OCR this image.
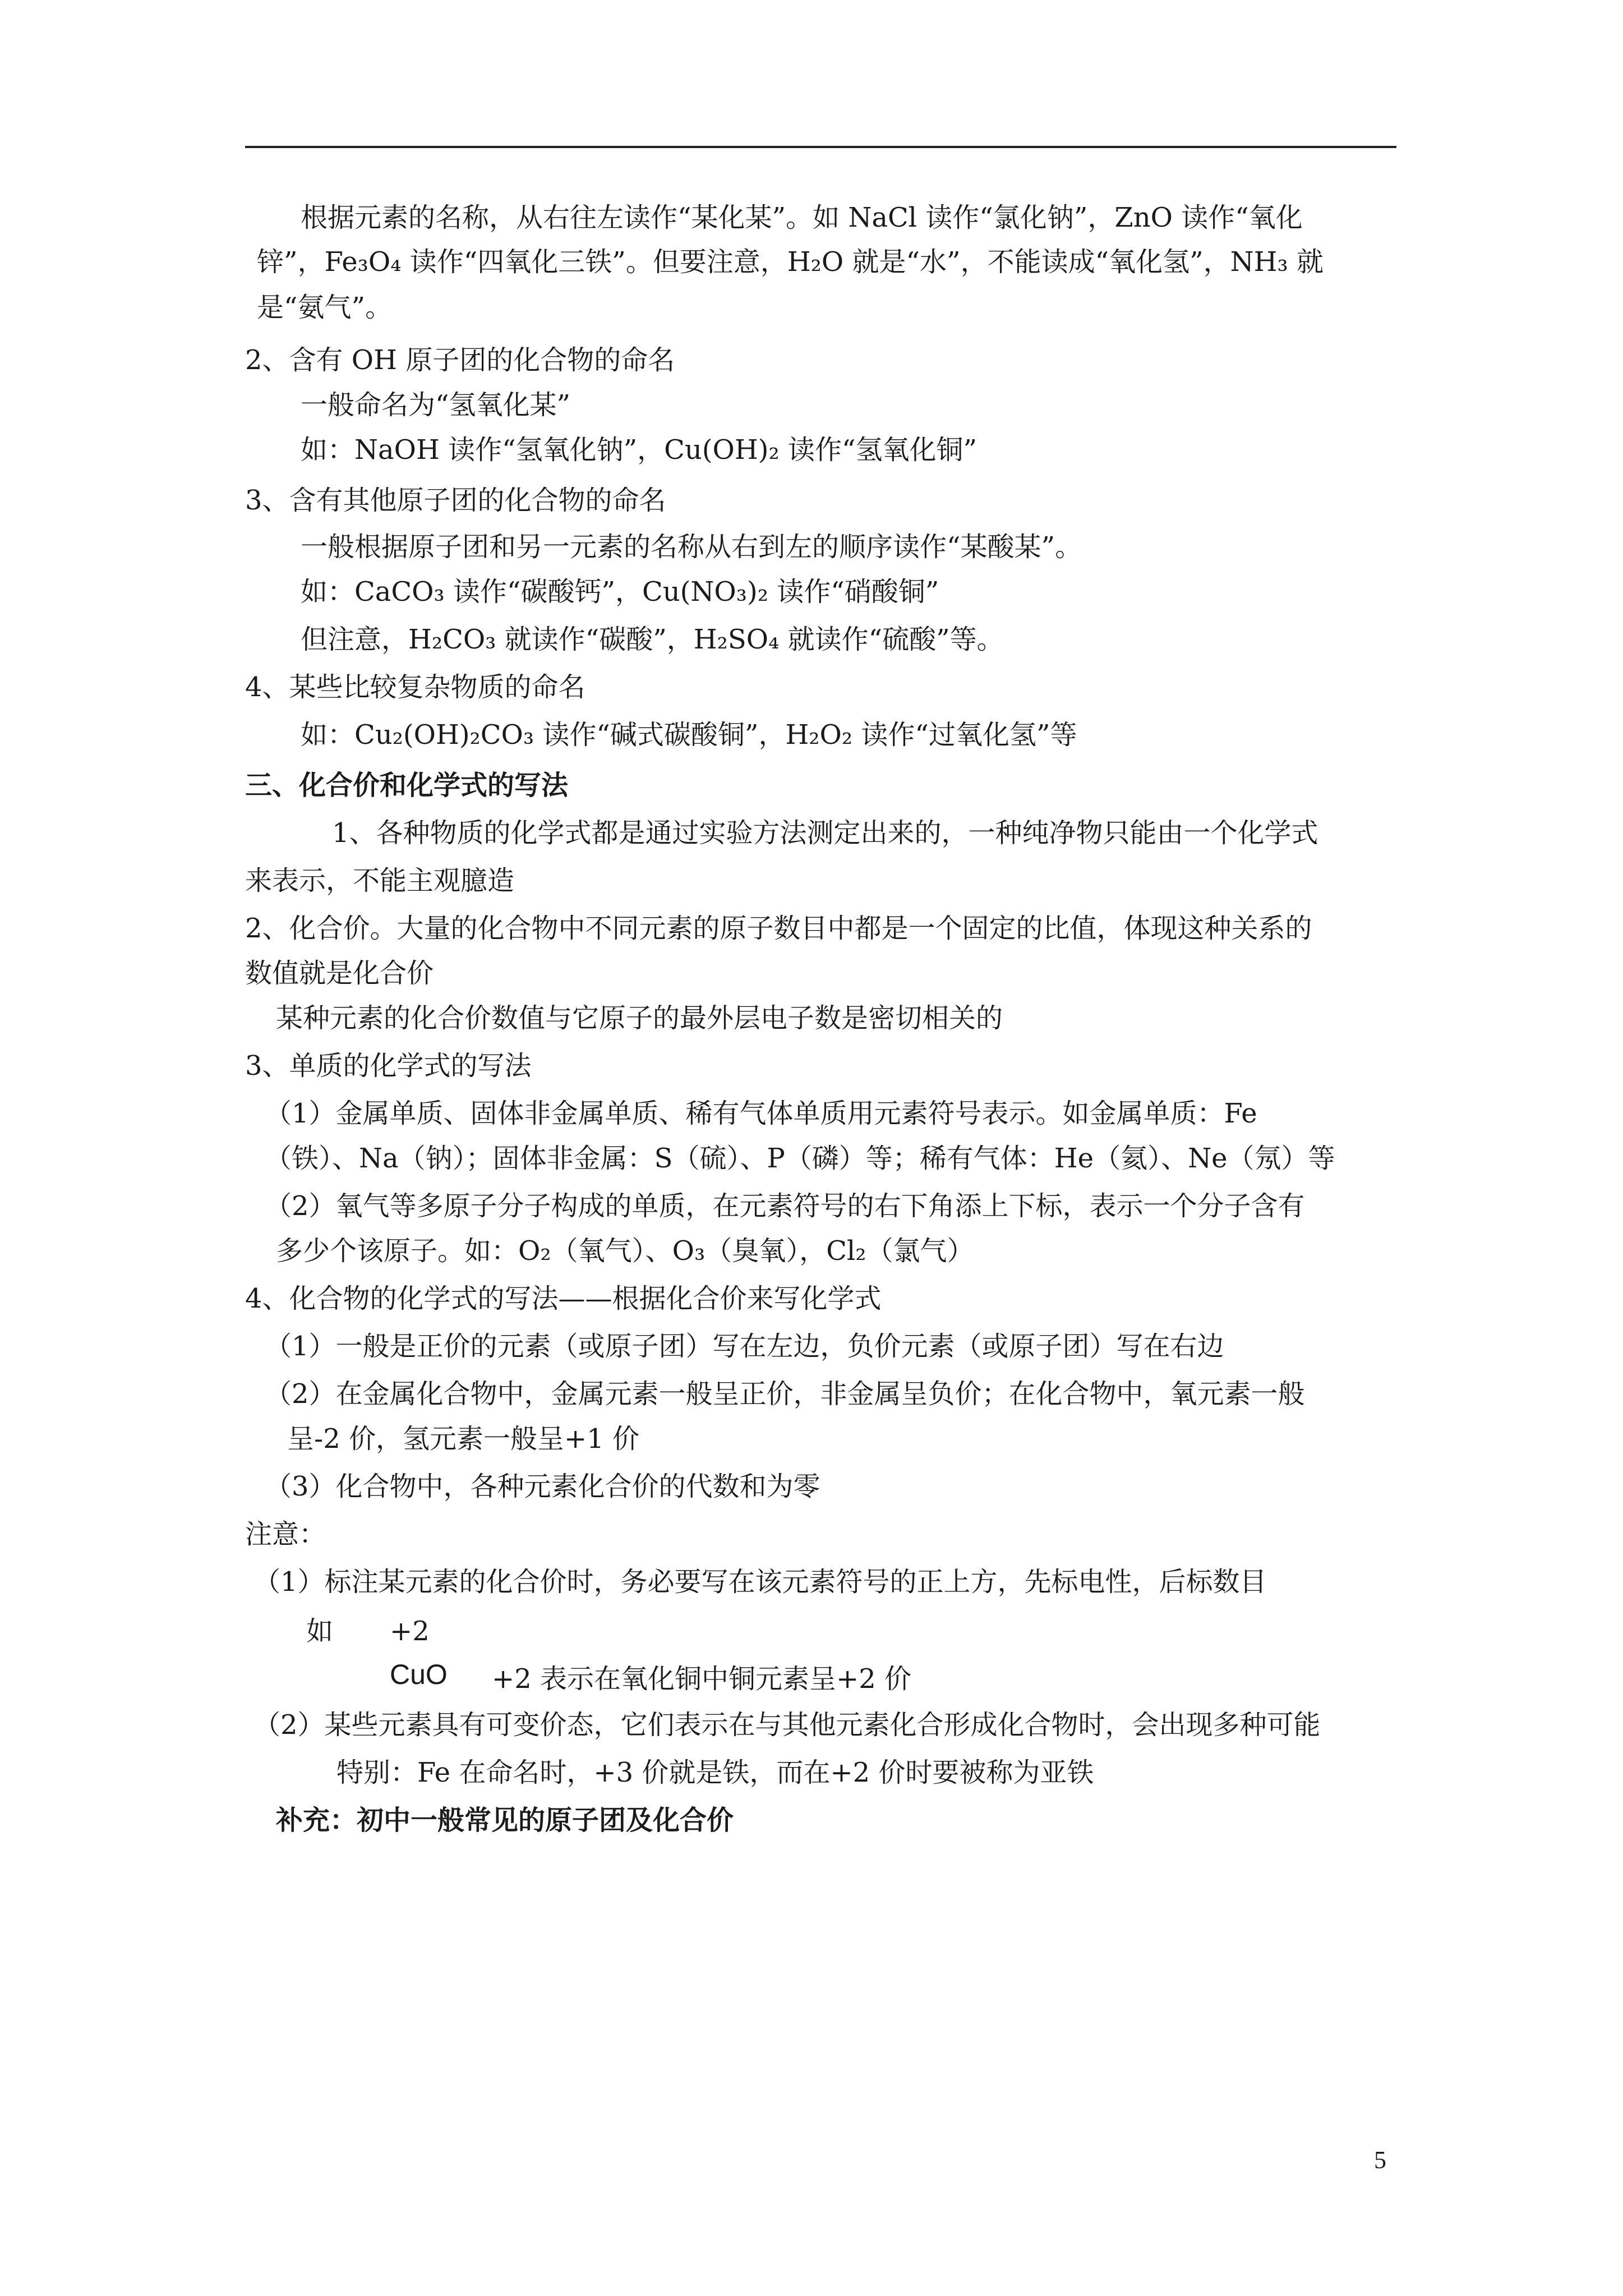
根据元素的名称，从右往左读作“某化某”。如 NaCl 读作“氯化钠”，ZnO 读作“氧化
锌”，Fe₃O₄ 读作“四氧化三铁”。但要注意，H₂O 就是“水”，不能读成“氧化氢”，NH₃ 就
是“氨气”。
2、含有 OH 原子团的化合物的命名
一般命名为“氢氧化某”
如：NaOH 读作“氢氧化钠”，Cu(OH)₂ 读作“氢氧化铜”
3、含有其他原子团的化合物的命名
一般根据原子团和另一元素的名称从右到左的顺序读作“某酸某”。
如：CaCO₃ 读作“碳酸钙”，Cu(NO₃)₂ 读作“硝酸铜”
但注意，H₂CO₃ 就读作“碳酸”，H₂SO₄ 就读作“硫酸”等。
4、某些比较复杂物质的命名
如：Cu₂(OH)₂CO₃ 读作“碱式碳酸铜”，H₂O₂ 读作“过氧化氢”等
三、化合价和化学式的写法
1、各种物质的化学式都是通过实验方法测定出来的，一种纯净物只能由一个化学式
来表示，不能主观臆造
2、化合价。大量的化合物中不同元素的原子数目中都是一个固定的比值，体现这种关系的
数值就是化合价
某种元素的化合价数值与它原子的最外层电子数是密切相关的
3、单质的化学式的写法
（1）金属单质、固体非金属单质、稀有气体单质用元素符号表示。如金属单质：Fe
（铁）、Na（钠）；固体非金属：S（硫）、P（磷）等；稀有气体：He（氦）、Ne（氖）等
（2）氧气等多原子分子构成的单质，在元素符号的右下角添上下标，表示一个分子含有
多少个该原子。如：O₂（氧气）、O₃（臭氧），Cl₂（氯气）
4、化合物的化学式的写法——根据化合价来写化学式
（1）一般是正价的元素（或原子团）写在左边，负价元素（或原子团）写在右边
（2）在金属化合物中，金属元素一般呈正价，非金属呈负价；在化合物中，氧元素一般
呈-2 价，氢元素一般呈+1 价
（3）化合物中，各种元素化合价的代数和为零
注意：
（1）标注某元素的化合价时，务必要写在该元素符号的正上方，先标电性，后标数目
如 +2
CuO +2 表示在氧化铜中铜元素呈+2 价
（2）某些元素具有可变价态，它们表示在与其他元素化合形成化合物时，会出现多种可能
特别：Fe 在命名时，+3 价就是铁，而在+2 价时要被称为亚铁
补充：初中一般常见的原子团及化合价
5
